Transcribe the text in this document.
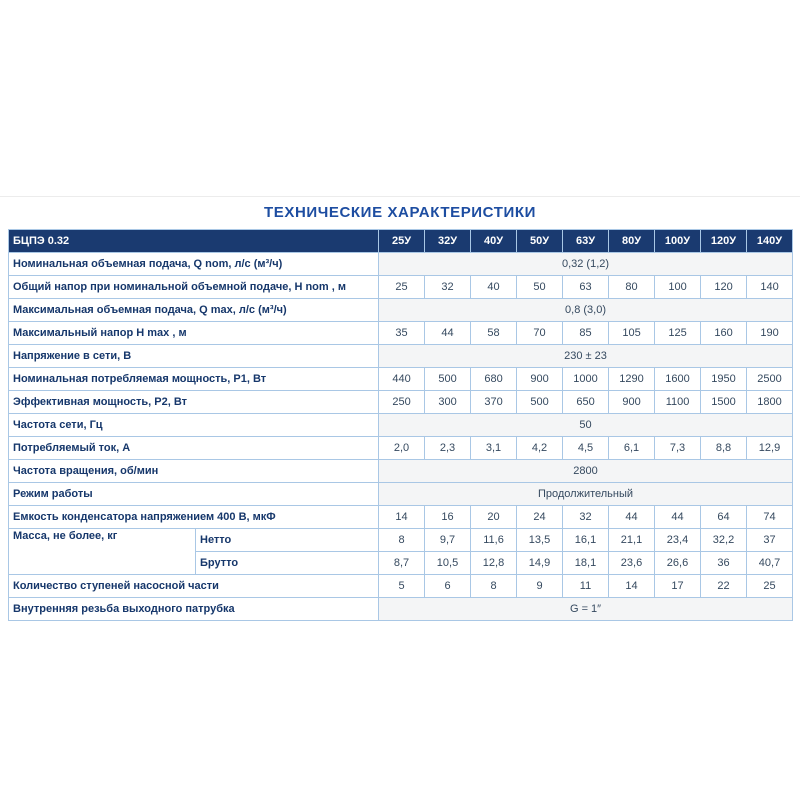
ТЕХНИЧЕСКИЕ ХАРАКТЕРИСТИКИ
БЦПЭ 0.32		25У	32У	40У	50У	63У	80У	100У	120У	140У
Номинальная объемная подача, Q nom, л/с (м³/ч)		0,32 (1,2)								
Общий напор при номинальной объемной подаче, H nom , м		25	32	40	50	63	80	100	120	140
Максимальная объемная подача, Q max, л/с (м³/ч)		0,8 (3,0)								
Максимальный напор H max , м		35	44	58	70	85	105	125	160	190
Напряжение в сети, В		230 ± 23								
Номинальная потребляемая мощность, P1, Вт		440	500	680	900	1000	1290	1600	1950	2500
Эффективная мощность, P2, Вт		250	300	370	500	650	900	1100	1500	1800
Частота сети, Гц		50								
Потребляемый ток, А		2,0	2,3	3,1	4,2	4,5	6,1	7,3	8,8	12,9
Частота вращения, об/мин		2800								
Режим работы		Продолжительный								
Емкость конденсатора напряжением 400 В, мкФ		14	16	20	24	32	44	44	64	74
Масса, не более, кг	Нетто	8	9,7	11,6	13,5	16,1	21,1	23,4	32,2	37
	Брутто	8,7	10,5	12,8	14,9	18,1	23,6	26,6	36	40,7
Количество ступеней насосной части		5	6	8	9	11	14	17	22	25
Внутренняя резьба выходного патрубка		G = 1″								
